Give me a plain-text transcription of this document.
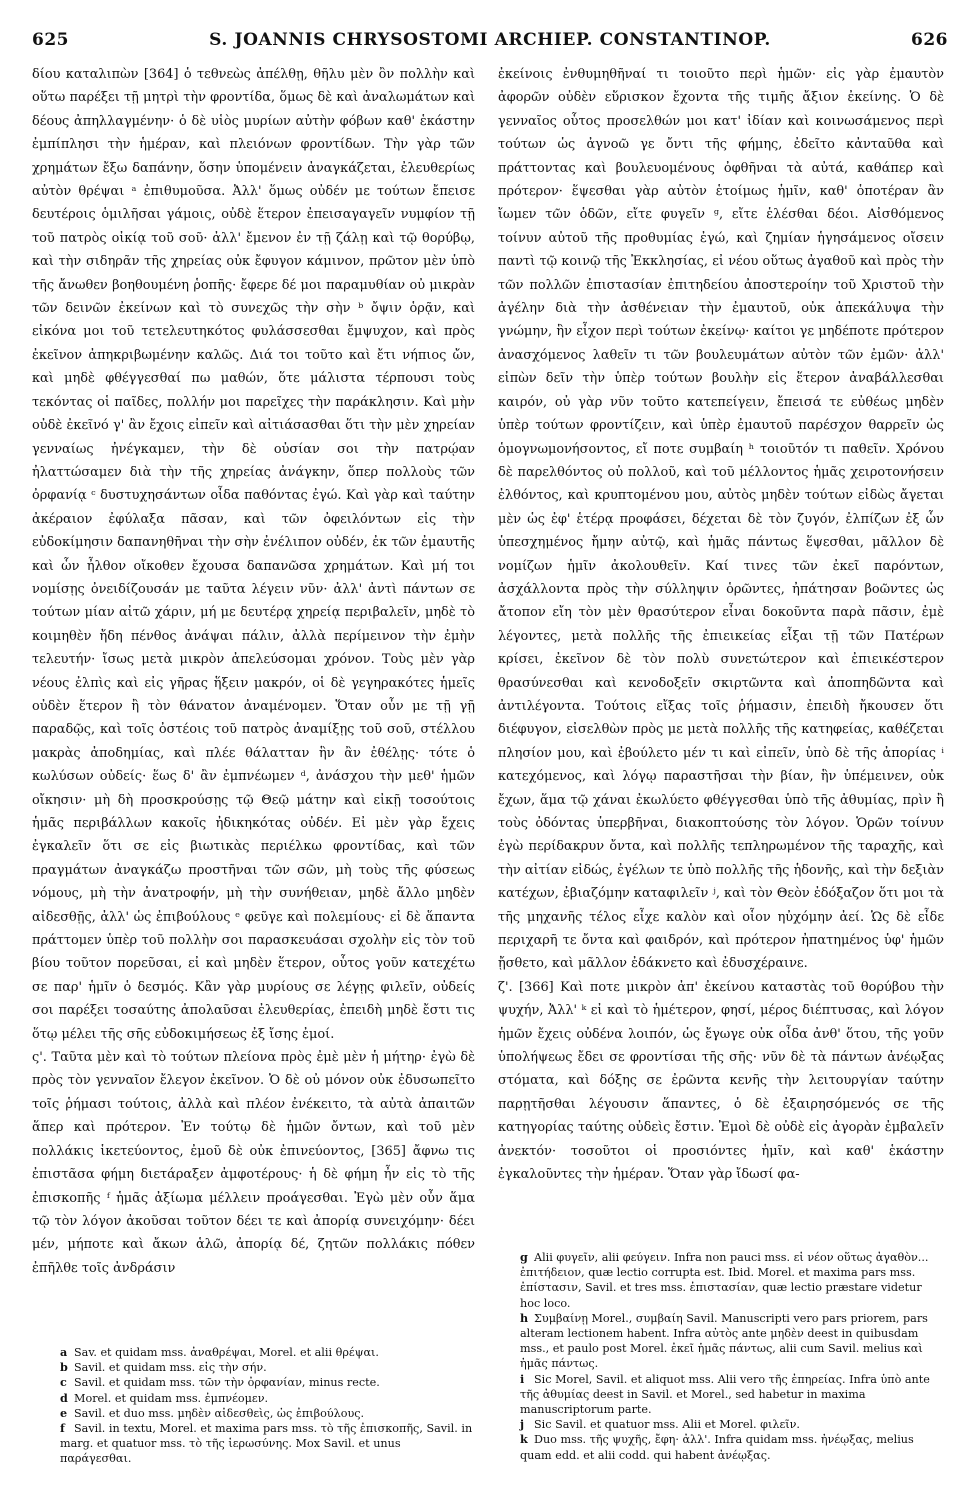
625	S. JOANNIS CHRYSOSTOMI ARCHIEP. CONSTANTINOP.	626

δίου καταλιπὼν [364] ὁ τεθνεὼς ἀπέλθῃ, θῆλυ μὲν ὂν πολλὴν καὶ οὕτω παρέξει τῇ μητρὶ τὴν φροντίδα, ὅμως δὲ καὶ ἀναλωμάτων καὶ δέους ἀπηλλαγμένην· ὁ δὲ υἱὸς μυρίων αὐτὴν φόβων καθ' ἑκάστην ἐμπίπλησι τὴν ἡμέραν, καὶ πλειόνων φροντίδων. Τὴν γὰρ τῶν χρημάτων ἔξω δαπάνην, ὅσην ὑπομένειν ἀναγκάζεται, ἐλευθερίως αὐτὸν θρέψαι ᵃ ἐπιθυμοῦσα. Ἀλλ' ὅμως οὐδέν με τούτων ἔπεισε δευτέροις ὁμιλῆσαι γάμοις, οὐδὲ ἕτερον ἐπεισαγαγεῖν νυμφίον τῇ τοῦ πατρὸς οἰκίᾳ τοῦ σοῦ· ἀλλ' ἔμενον ἐν τῇ ζάλῃ καὶ τῷ θορύβῳ, καὶ τὴν σιδηρᾶν τῆς χηρείας οὐκ ἔφυγον κάμινον, πρῶτον μὲν ὑπὸ τῆς ἄνωθεν βοηθουμένη ῥοπῆς· ἔφερε δέ μοι παραμυθίαν οὐ μικρὰν τῶν δεινῶν ἐκείνων καὶ τὸ συνεχῶς τὴν σὴν ᵇ ὄψιν ὁρᾷν, καὶ εἰκόνα μοι τοῦ τετελευτηκότος φυλάσσεσθαι ἔμψυχον, καὶ πρὸς ἐκεῖνον ἀπηκριβωμένην καλῶς. Διά τοι τοῦτο καὶ ἔτι νήπιος ὤν, καὶ μηδὲ φθέγγεσθαί πω μαθών, ὅτε μάλιστα τέρπουσι τοὺς τεκόντας οἱ παῖδες, πολλήν μοι παρεῖχες τὴν παράκλησιν. Καὶ μὴν οὐδὲ ἐκεῖνό γ' ἂν ἔχοις εἰπεῖν καὶ αἰτιάσασθαι ὅτι τὴν μὲν χηρείαν γενναίως ἠνέγκαμεν, τὴν δὲ οὐσίαν σοι τὴν πατρῴαν ἠλαττώσαμεν διὰ τὴν τῆς χηρείας ἀνάγκην, ὅπερ πολλοὺς τῶν ὀρφανίᾳ ᶜ δυστυχησάντων οἶδα παθόντας ἐγώ. Καὶ γὰρ καὶ ταύτην ἀκέραιον ἐφύλαξα πᾶσαν, καὶ τῶν ὀφειλόντων εἰς τὴν εὐδοκίμησιν δαπανηθῆναι τὴν σὴν ἐνέλιπον οὐδέν, ἐκ τῶν ἐμαυτῆς καὶ ὧν ἦλθον οἴκοθεν ἔχουσα δαπανῶσα χρημάτων. Καὶ μή τοι νομίσῃς ὀνειδίζουσάν με ταῦτα λέγειν νῦν· ἀλλ' ἀντὶ πάντων σε τούτων μίαν αἰτῶ χάριν, μή με δευτέρᾳ χηρείᾳ περιβαλεῖν, μηδὲ τὸ κοιμηθὲν ἤδη πένθος ἀνάψαι πάλιν, ἀλλὰ περίμεινον τὴν ἐμὴν τελευτήν· ἴσως μετὰ μικρὸν ἀπελεύσομαι χρόνον. Τοὺς μὲν γὰρ νέους ἐλπὶς καὶ εἰς γῆρας ἥξειν μακρόν, οἱ δὲ γεγηρακότες ἡμεῖς οὐδὲν ἕτερον ἢ τὸν θάνατον ἀναμένομεν. Ὅταν οὖν με τῇ γῇ παραδῷς, καὶ τοῖς ὀστέοις τοῦ πατρὸς ἀναμίξῃς τοῦ σοῦ, στέλλου μακρὰς ἀποδημίας, καὶ πλέε θάλατταν ἣν ἂν ἐθέλῃς· τότε ὁ κωλύσων οὐδείς· ἕως δ' ἂν ἐμπνέωμεν ᵈ, ἀνάσχου τὴν μεθ' ἡμῶν οἴκησιν· μὴ δὴ προσκρούσῃς τῷ Θεῷ μάτην καὶ εἰκῇ τοσούτοις ἡμᾶς περιβάλλων κακοῖς ἠδικηκότας οὐδέν. Εἰ μὲν γὰρ ἔχεις ἐγκαλεῖν ὅτι σε εἰς βιωτικὰς περιέλκω φροντίδας, καὶ τῶν πραγμάτων ἀναγκάζω προστῆναι τῶν σῶν, μὴ τοὺς τῆς φύσεως νόμους, μὴ τὴν ἀνατροφήν, μὴ τὴν συνήθειαν, μηδὲ ἄλλο μηδὲν αἰδεσθῇς, ἀλλ' ὡς ἐπιβούλους ᵉ φεῦγε καὶ πολεμίους· εἰ δὲ ἅπαντα πράττομεν ὑπὲρ τοῦ πολλὴν σοι παρασκευάσαι σχολὴν εἰς τὸν τοῦ βίου τοῦτον πορεῦσαι, εἰ καὶ μηδὲν ἕτερον, οὗτος γοῦν κατεχέτω σε παρ' ἡμῖν ὁ δεσμός. Κἂν γὰρ μυρίους σε λέγῃς φιλεῖν, οὐδείς σοι παρέξει τοσαύτης ἀπολαῦσαι ἐλευθερίας, ἐπειδὴ μηδὲ ἔστι τις ὅτῳ μέλει τῆς σῆς εὐδοκιμήσεως ἐξ ἴσης ἐμοί.

ς'. Ταῦτα μὲν καὶ τὸ τούτων πλείονα πρὸς ἐμὲ μὲν ἡ μήτηρ· ἐγὼ δὲ πρὸς τὸν γενναῖον ἔλεγον ἐκεῖνον. Ὁ δὲ οὐ μόνον οὐκ ἐδυσωπεῖτο τοῖς ῥήμασι τούτοις, ἀλλὰ καὶ πλέον ἐνέκειτο, τὰ αὐτὰ ἀπαιτῶν ἅπερ καὶ πρότερον. Ἐν τούτῳ δὲ ἡμῶν ὄντων, καὶ τοῦ μὲν πολλάκις ἱκετεύοντος, ἐμοῦ δὲ οὐκ ἐπινεύοντος, [365] ἄφνω τις ἐπιστᾶσα φήμη διετάραξεν ἀμφοτέρους· ἡ δὲ φήμη ἦν εἰς τὸ τῆς ἐπισκοπῆς ᶠ ἡμᾶς ἀξίωμα μέλλειν προάγεσθαι. Ἐγὼ μὲν οὖν ἅμα τῷ τὸν λόγον ἀκοῦσαι τοῦτον δέει τε καὶ ἀπορίᾳ συνειχόμην· δέει μέν, μήποτε καὶ ἄκων ἁλῶ, ἀπορίᾳ δέ, ζητῶν πολλάκις πόθεν ἐπῆλθε τοῖς ἀνδράσιν

ἐκείνοις ἐνθυμηθῆναί τι τοιοῦτο περὶ ἡμῶν· εἰς γὰρ ἐμαυτὸν ἀφορῶν οὐδὲν εὕρισκον ἔχοντα τῆς τιμῆς ἄξιον ἐκείνης. Ὁ δὲ γενναῖος οὗτος προσελθών μοι κατ' ἰδίαν καὶ κοινωσάμενος περὶ τούτων ὡς ἀγνοῶ γε ὄντι τῆς φήμης, ἐδεῖτο κἀνταῦθα καὶ πράττοντας καὶ βουλευομένους ὀφθῆναι τὰ αὐτά, καθάπερ καὶ πρότερον· ἕψεσθαι γὰρ αὐτὸν ἑτοίμως ἡμῖν, καθ' ὁποτέραν ἂν ἴωμεν τῶν ὁδῶν, εἴτε φυγεῖν ᵍ, εἴτε ἑλέσθαι δέοι. Αἰσθόμενος τοίνυν αὐτοῦ τῆς προθυμίας ἐγώ, καὶ ζημίαν ἡγησάμενος οἴσειν παντὶ τῷ κοινῷ τῆς Ἐκκλησίας, εἰ νέου οὕτως ἀγαθοῦ καὶ πρὸς τὴν τῶν πολλῶν ἐπιστασίαν ἐπιτηδείου ἀποστεροίην τοῦ Χριστοῦ τὴν ἀγέλην διὰ τὴν ἀσθένειαν τὴν ἐμαυτοῦ, οὐκ ἀπεκάλυψα τὴν γνώμην, ἣν εἶχον περὶ τούτων ἐκείνῳ· καίτοι γε μηδέποτε πρότερον ἀνασχόμενος λαθεῖν τι τῶν βουλευμάτων αὐτὸν τῶν ἐμῶν· ἀλλ' εἰπὼν δεῖν τὴν ὑπὲρ τούτων βουλὴν εἰς ἕτερον ἀναβάλλεσθαι καιρόν, οὐ γὰρ νῦν τοῦτο κατεπείγειν, ἔπεισά τε εὐθέως μηδὲν ὑπὲρ τούτων φροντίζειν, καὶ ὑπὲρ ἐμαυτοῦ παρέσχον θαρρεῖν ὡς ὁμογνωμονήσοντος, εἴ ποτε συμβαίη ʰ τοιοῦτόν τι παθεῖν. Χρόνου δὲ παρελθόντος οὐ πολλοῦ, καὶ τοῦ μέλλοντος ἡμᾶς χειροτονήσειν ἐλθόντος, καὶ κρυπτομένου μου, αὐτὸς μηδὲν τούτων εἰδὼς ἄγεται μὲν ὡς ἐφ' ἑτέρᾳ προφάσει, δέχεται δὲ τὸν ζυγόν, ἐλπίζων ἐξ ὧν ὑπεσχημένος ἤμην αὐτῷ, καὶ ἡμᾶς πάντως ἕψεσθαι, μᾶλλον δὲ νομίζων ἡμῖν ἀκολουθεῖν. Καί τινες τῶν ἐκεῖ παρόντων, ἀσχάλλοντα πρὸς τὴν σύλληψιν ὁρῶντες, ἠπάτησαν βοῶντες ὡς ἄτοπον εἴη τὸν μὲν θρασύτερον εἶναι δοκοῦντα παρὰ πᾶσιν, ἐμὲ λέγοντες, μετὰ πολλῆς τῆς ἐπιεικείας εἶξαι τῇ τῶν Πατέρων κρίσει, ἐκεῖνον δὲ τὸν πολὺ συνετώτερον καὶ ἐπιεικέστερον θρασύνεσθαι καὶ κενοδοξεῖν σκιρτῶντα καὶ ἀποπηδῶντα καὶ ἀντιλέγοντα. Τούτοις εἴξας τοῖς ῥήμασιν, ἐπειδὴ ἤκουσεν ὅτι διέφυγον, εἰσελθὼν πρὸς με μετὰ πολλῆς τῆς κατηφείας, καθέζεται πλησίον μου, καὶ ἐβούλετο μέν τι καὶ εἰπεῖν, ὑπὸ δὲ τῆς ἀπορίας ⁱ κατεχόμενος, καὶ λόγῳ παραστῆσαι τὴν βίαν, ἣν ὑπέμεινεν, οὐκ ἔχων, ἅμα τῷ χάναι ἐκωλύετο φθέγγεσθαι ὑπὸ τῆς ἀθυμίας, πρὶν ἢ τοὺς ὀδόντας ὑπερβῆναι, διακοπτούσης τὸν λόγον. Ὁρῶν τοίνυν ἐγὼ περίδακρυν ὄντα, καὶ πολλῆς τεπληρωμένον τῆς ταραχῆς, καὶ τὴν αἰτίαν εἰδώς, ἐγέλων τε ὑπὸ πολλῆς τῆς ἡδονῆς, καὶ τὴν δεξιὰν κατέχων, ἐβιαζόμην καταφιλεῖν ʲ, καὶ τὸν Θεὸν ἐδόξαζον ὅτι μοι τὰ τῆς μηχανῆς τέλος εἶχε καλὸν καὶ οἷον ηὐχόμην ἀεί. Ὡς δὲ εἶδε περιχαρῆ τε ὄντα καὶ φαιδρόν, καὶ πρότερον ἠπατημένος ὑφ' ἡμῶν ᾔσθετο, καὶ μᾶλλον ἐδάκνετο καὶ ἐδυσχέραινε.

ζ'. [366] Καὶ ποτε μικρὸν ἀπ' ἐκείνου καταστὰς τοῦ θορύβου τὴν ψυχήν, Ἀλλ' ᵏ εἰ καὶ τὸ ἡμέτερον, φησί, μέρος διέπτυσας, καὶ λόγον ἡμῶν ἔχεις οὐδένα λοιπόν, ὡς ἔγωγε οὐκ οἶδα ἀνθ' ὅτου, τῆς γοῦν ὑπολήψεως ἔδει σε φροντίσαι τῆς σῆς· νῦν δὲ τὰ πάντων ἀνέῳξας στόματα, καὶ δόξης σε ἐρῶντα κενῆς τὴν λειτουργίαν ταύτην παρῃτῆσθαι λέγουσιν ἅπαντες, ὁ δὲ ἐξαιρησόμενός σε τῆς κατηγορίας ταύτης οὐδεὶς ἔστιν. Ἐμοὶ δὲ οὐδὲ εἰς ἀγορὰν ἐμβαλεῖν ἀνεκτόν· τοσοῦτοι οἱ προσιόντες ἡμῖν, καὶ καθ' ἑκάστην ἐγκαλοῦντες τὴν ἡμέραν. Ὅταν γὰρ ἴδωσί φα-

a Sav. et quidam mss. ἀναθρέψαι, Morel. et alii θρέψαι.

b Savil. et quidam mss. εἰς τὴν σήν.

c Savil. et quidam mss. τῶν τὴν ὀρφανίαν, minus recte.

d Morel. et quidam mss. ἐμπνέομεν.

e Savil. et duo mss. μηδὲν αἰδεσθεὶς, ὡς ἐπιβούλους.

f Savil. in textu, Morel. et maxima pars mss. τὸ τῆς ἐπισκοπῆς, Savil. in marg. et quatuor mss. τὸ τῆς ἱερωσύνης. Mox Savil. et unus παράγεσθαι.

g Alii φυγεῖν, alii φεύγειν. Infra non pauci mss. εἰ νέον οὕτως ἀγαθὸν... ἐπιτήδειον, quæ lectio corrupta est. Ibid. Morel. et maxima pars mss. ἐπίστασιν, Savil. et tres mss. ἐπιστασίαν, quæ lectio præstare videtur hoc loco.

h Συμβαίνῃ Morel., συμβαίη Savil. Manuscripti vero pars priorem, pars alteram lectionem habent. Infra αὐτὸς ante μηδὲν deest in quibusdam mss., et paulo post Morel. ἐκεῖ ἡμᾶς πάντως, alii cum Savil. melius καὶ ἡμᾶς πάντως.

i Sic Morel, Savil. et aliquot mss. Alii vero τῆς ἐπηρείας. Infra ὑπὸ ante τῆς ἀθυμίας deest in Savil. et Morel., sed habetur in maxima manuscriptorum parte.

j Sic Savil. et quatuor mss. Alii et Morel. φιλεῖν.

k Duo mss. τῆς ψυχῆς, ἔφη· ἀλλ'. Infra quidam mss. ἠνέῳξας, melius quam edd. et alii codd. qui habent ἀνέῳξας.
